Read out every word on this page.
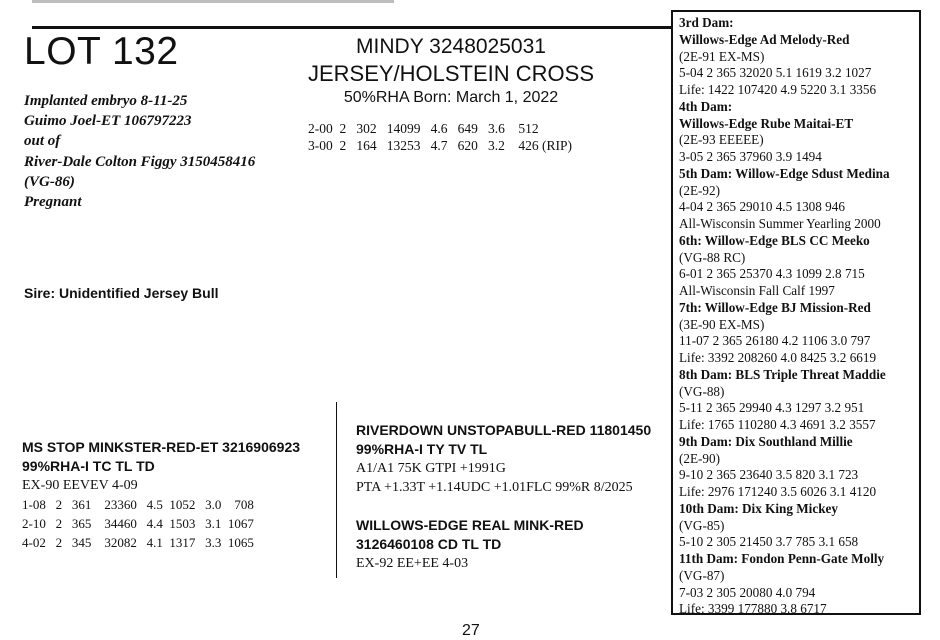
LOT 132
Implanted embryo 8-11-25
Guimo Joel-ET 106797223
out of
River-Dale Colton Figgy 3150458416
(VG-86)
Pregnant
Sire: Unidentified Jersey Bull
MINDY 3248025031
JERSEY/HOLSTEIN CROSS
50%RHA Born: March 1, 2022
2-00  2   302   14099   4.6   649   3.6    512
3-00  2   164   13253   4.7   620   3.2    426 (RIP)
MS STOP MINKSTER-RED-ET 3216906923
99%RHA-I TC TL TD
EX-90 EEVEV 4-09
1-08   2   361    23360   4.5  1052   3.0    708
2-10   2   365    34460   4.4  1503   3.1  1067
4-02   2   345    32082   4.1  1317   3.3  1065
RIVERDOWN UNSTOPABULL-RED 11801450
99%RHA-I TY TV TL
A1/A1 75K GTPI +1991G
PTA +1.33T +1.14UDC +1.01FLC 99%R 8/2025
WILLOWS-EDGE REAL MINK-RED
3126460108 CD TL TD
EX-92 EE+EE 4-03
3rd Dam:
Willows-Edge Ad Melody-Red
(2E-91 EX-MS)
5-04 2 365 32020 5.1 1619 3.2 1027
Life: 1422 107420 4.9 5220 3.1 3356
4th Dam:
Willows-Edge Rube Maitai-ET
(2E-93 EEEEE)
3-05 2 365 37960 3.9 1494
5th Dam: Willow-Edge Sdust Medina
(2E-92)
4-04 2 365 29010 4.5 1308 946
All-Wisconsin Summer Yearling 2000
6th: Willow-Edge BLS CC Meeko
(VG-88 RC)
6-01 2 365 25370 4.3 1099 2.8 715
All-Wisconsin Fall Calf 1997
7th: Willow-Edge BJ Mission-Red
(3E-90 EX-MS)
11-07 2 365 26180 4.2 1106 3.0 797
Life: 3392 208260 4.0 8425 3.2 6619
8th Dam: BLS Triple Threat Maddie
(VG-88)
5-11 2 365 29940 4.3 1297 3.2 951
Life: 1765 110280 4.3 4691 3.2 3557
9th Dam: Dix Southland Millie
(2E-90)
9-10 2 365 23640 3.5 820 3.1 723
Life: 2976 171240 3.5 6026 3.1 4120
10th Dam: Dix King Mickey
(VG-85)
5-10 2 305 21450 3.7 785 3.1 658
11th Dam: Fondon Penn-Gate Molly
(VG-87)
7-03 2 305 20080 4.0 794
Life: 3399 177880 3.8 6717
27
